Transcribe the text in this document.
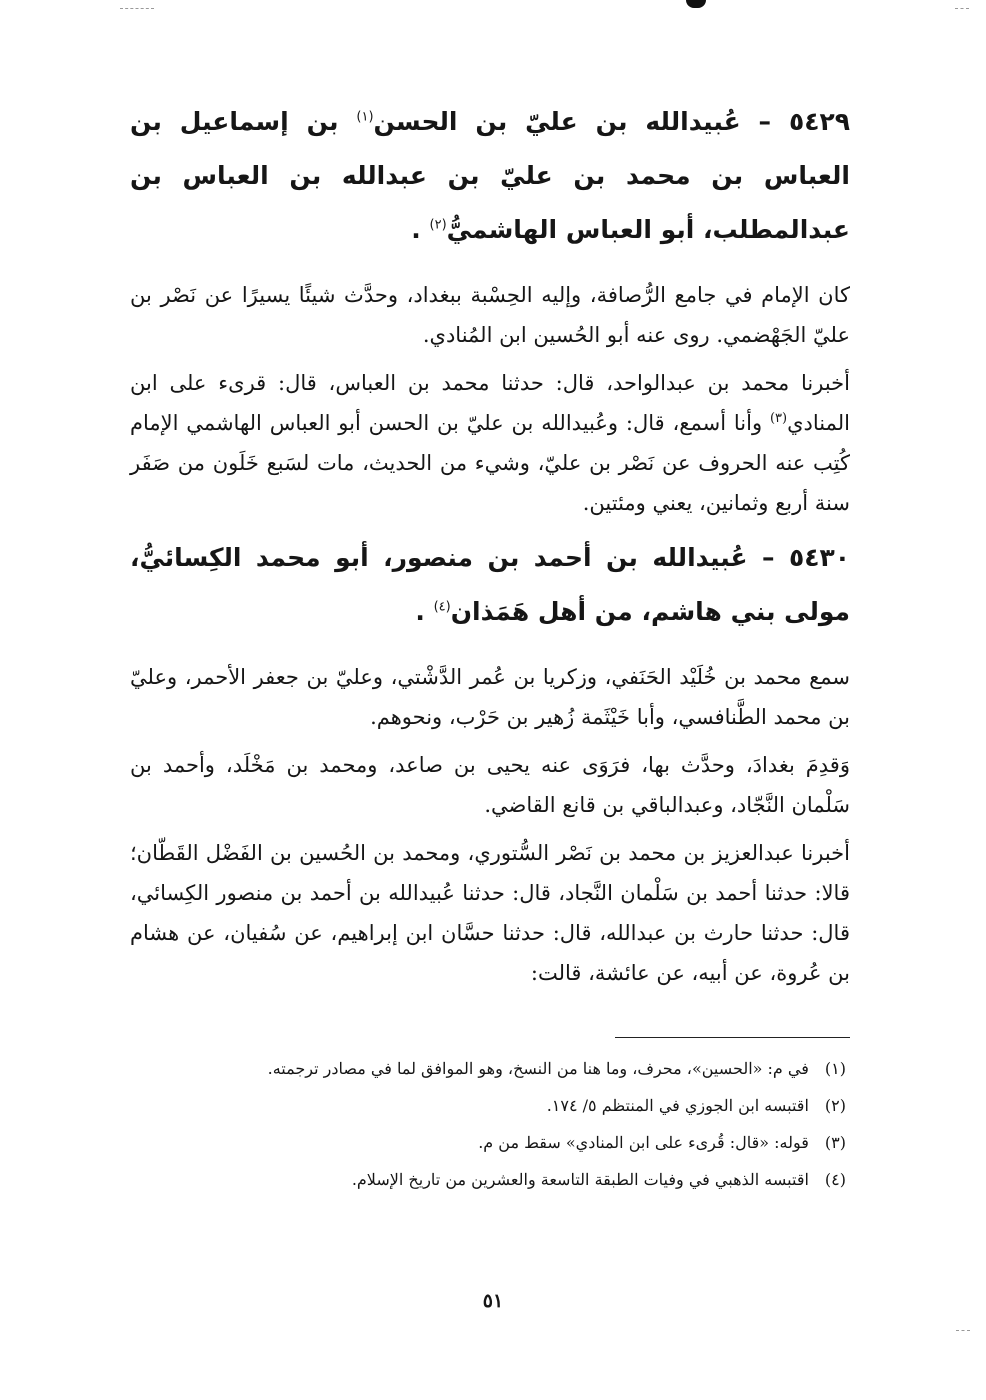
٥٤٢٩ – عُبيدالله بن عليّ بن الحسن$^{(١)}$ بن إسماعيل بن العباس بن محمد بن عليّ بن عبدالله بن العباس بن عبدالمطلب، أبو العباس الهاشميُّ$^{(٢)}$ .

كان الإمام في جامع الرُّصافة، وإليه الحِسْبة ببغداد، وحدَّث شيئًا يسيرًا عن نَصْر بن عليّ الجَهْضمي. روى عنه أبو الحُسين ابن المُنادي.

أخبرنا محمد بن عبدالواحد، قال: حدثنا محمد بن العباس، قال: قرىء على ابن المنادي$^{(٣)}$ وأنا أسمع، قال: وعُبيدالله بن عليّ بن الحسن أبو العباس الهاشمي الإمام كُتِب عنه الحروف عن نَصْر بن عليّ، وشيء من الحديث، مات لسَبع خَلَون من صَفَر سنة أربع وثمانين، يعني ومئتين.

٥٤٣٠ – عُبيدالله بن أحمد بن منصور، أبو محمد الكِسائيُّ، مولى بني هاشم، من أهل هَمَذان$^{(٤)}$ .

سمع محمد بن خُلَيْد الحَنَفي، وزكريا بن عُمر الدَّشْتي، وعليّ بن جعفر الأحمر، وعليّ بن محمد الطَّنافسي، وأبا خَيْثَمة زُهير بن حَرْب، ونحوهم.

وَقدِمَ بغدادَ، وحدَّث بها، فرَوَى عنه يحيى بن صاعد، ومحمد بن مَخْلَد، وأحمد بن سَلْمان النَّجّاد، وعبدالباقي بن قانع القاضي.

أخبرنا عبدالعزيز بن محمد بن نَصْر السُّتوري، ومحمد بن الحُسين بن الفَضْل القَطّان؛ قالا: حدثنا أحمد بن سَلْمان النَّجاد، قال: حدثنا عُبيدالله بن أحمد بن منصور الكِسائي، قال: حدثنا حارث بن عبدالله، قال: حدثنا حسَّان ابن إبراهيم، عن سُفيان، عن هشام بن عُروة، عن أبيه، عن عائشة، قالت:

(١)في م: «الحسين»، محرف، وما هنا من النسخ، وهو الموافق لما في مصادر ترجمته.
(٢)اقتبسه ابن الجوزي في المنتظم ٥/ ١٧٤.
(٣)قوله: «قال: قُرىء على ابن المنادي» سقط من م.
(٤)اقتبسه الذهبي في وفيات الطبقة التاسعة والعشرين من تاريخ الإسلام.
٥١
